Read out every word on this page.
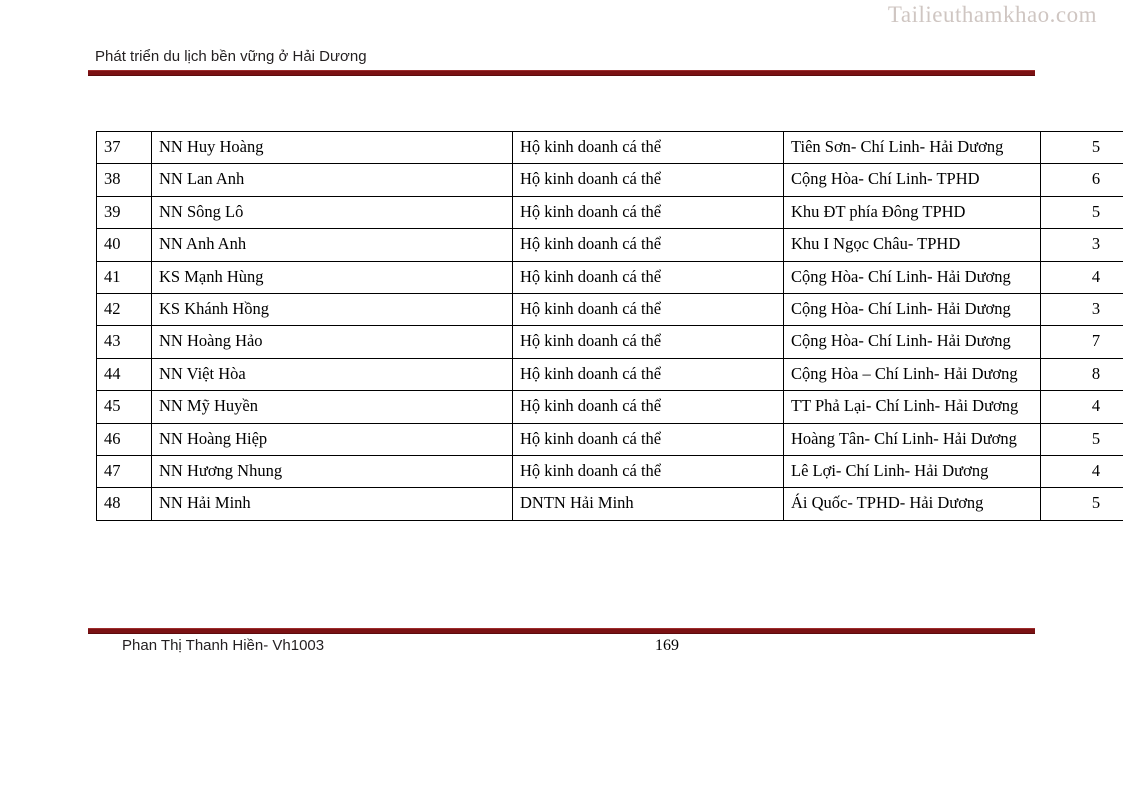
Tailieuthamkhao.com
Phát triển du lịch bền vững ở Hải Dương
37	NN Huy Hoàng	Hộ kinh doanh cá thể	Tiên Sơn- Chí Linh- Hải Dương	5
38	NN Lan Anh	Hộ kinh doanh cá thể	Cộng Hòa- Chí Linh- TPHD	6
39	NN Sông Lô	Hộ kinh doanh cá thể	Khu ĐT phía Đông TPHD	5
40	NN Anh Anh	Hộ kinh doanh cá thể	Khu I Ngọc Châu- TPHD	3
41	KS Mạnh Hùng	Hộ kinh doanh cá thể	Cộng Hòa- Chí Linh- Hải Dương	4
42	KS Khánh Hồng	Hộ kinh doanh cá thể	Cộng Hòa- Chí Linh- Hải Dương	3
43	NN Hoàng Hảo	Hộ kinh doanh cá thể	Cộng Hòa- Chí Linh- Hải Dương	7
44	NN Việt Hòa	Hộ kinh doanh cá thể	Cộng Hòa – Chí Linh- Hải Dương	8
45	NN Mỹ Huyền	Hộ kinh doanh cá thể	TT Phả Lại- Chí Linh- Hải Dương	4
46	NN Hoàng Hiệp	Hộ kinh doanh cá thể	Hoàng Tân- Chí Linh- Hải Dương	5
47	NN Hương Nhung	Hộ kinh doanh cá thể	Lê Lợi- Chí Linh- Hải Dương	4
48	NN Hải Minh	DNTN Hải Minh	Ái Quốc- TPHD- Hải Dương	5
Phan Thị Thanh Hiền- Vh1003	169
